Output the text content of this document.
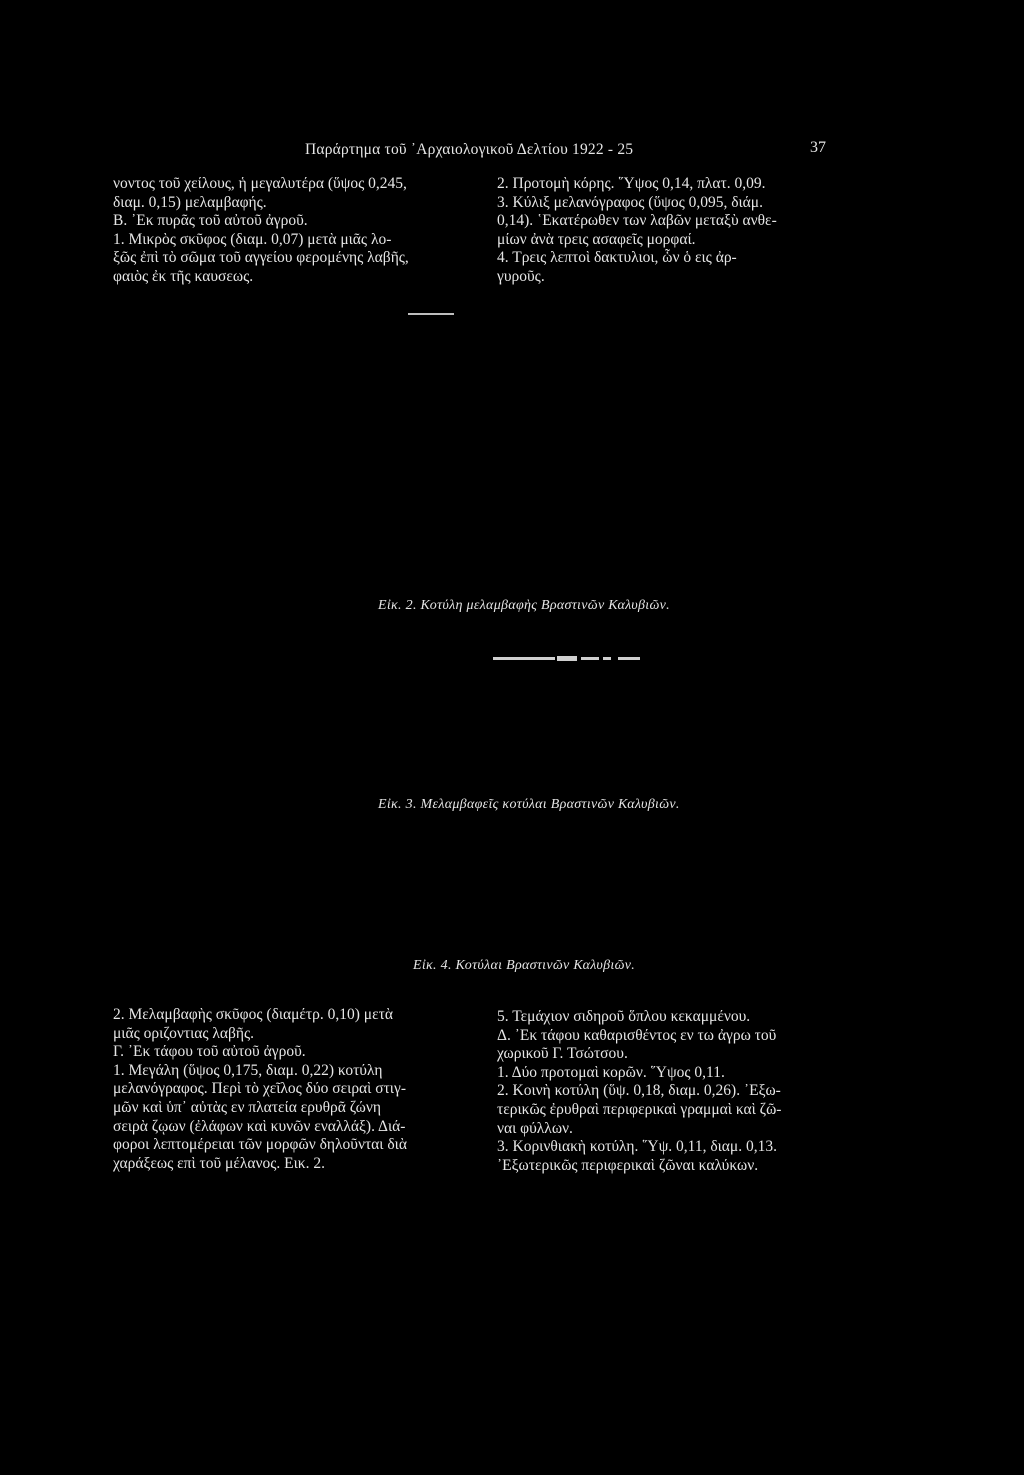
Παράρτημα τοῦ ᾽Αρχαιολογικοῦ Δελτίου 1922 - 25	37
νοντος τοῦ χείλους, ἡ μεγαλυτέρα (ὕψος 0,245,
διαμ. 0,15) μελαμβαφής.
Β. ᾽Εκ πυρᾶς τοῦ αὐτοῦ ἀγροῦ.
1. Μικρὸς σκῦφος (διαμ. 0,07) μετὰ μιᾶς λο-
ξῶς ἐπὶ τὸ σῶμα τοῦ αγγείου φερομένης λαβῆς,
φαιὸς ἐκ τῆς καυσεως.
2. Προτομὴ κόρης. ῞Υψος 0,14, πλατ. 0,09.
3. Κύλιξ μελανόγραφος (ὕψος 0,095, διάμ.
0,14). ῾Εκατέρωθεν των λαβῶν μεταξὺ ανθε-
μίων ἀνὰ τρεις ασαφεῖς μορφαί.
4. Τρεις λεπτοὶ δακτυλιοι, ὧν ὁ εις ἀρ-
γυροῦς.
Εἰκ. 2. Κοτύλη μελαμβαφὴς Βραστινῶν Καλυβιῶν.
Εἰκ. 3. Μελαμβαφεῖς κοτύλαι Βραστινῶν Καλυβιῶν.
Εἰκ. 4. Κοτύλαι Βραστινῶν Καλυβιῶν.
2. Μελαμβαφὴς σκῦφος (διαμέτρ. 0,10) μετὰ
μιᾶς οριζοντιας λαβῆς.
Γ. ᾽Εκ τάφου τοῦ αὐτοῦ ἀγροῦ.
1. Μεγάλη (ὕψος 0,175, διαμ. 0,22) κοτύλη
μελανόγραφος. Περὶ τὸ χεῖλος δύο σειραὶ στιγ-
μῶν καὶ ὑπ᾽ αὐτὰς εν πλατεία ερυθρᾶ ζώνη
σειρὰ ζῳων (ἐλάφων καὶ κυνῶν εναλλάξ). Διά-
φοροι λεπτομέρειαι τῶν μορφῶν δηλοῦνται διὰ
χαράξεως επὶ τοῦ μέλανος. Εικ. 2.
5. Τεμάχιον σιδηροῦ ὅπλου κεκαμμένου.
Δ. ᾽Εκ τάφου καθαρισθέντος εν τω ἀγρω τοῦ
χωρικοῦ Γ. Τσώτσου.
1. Δύο προτομαὶ κορῶν. ῞Υψος 0,11.
2. Κοινὴ κοτύλη (ὕψ. 0,18, διαμ. 0,26). ᾽Εξω-
τερικῶς ἐρυθραὶ περιφερικαὶ γραμμαὶ καὶ ζῶ-
ναι φύλλων.
3. Κορινθιακὴ κοτύλη. ῞Υψ. 0,11, διαμ. 0,13.
᾽Εξωτερικῶς περιφερικαὶ ζῶναι καλύκων.
